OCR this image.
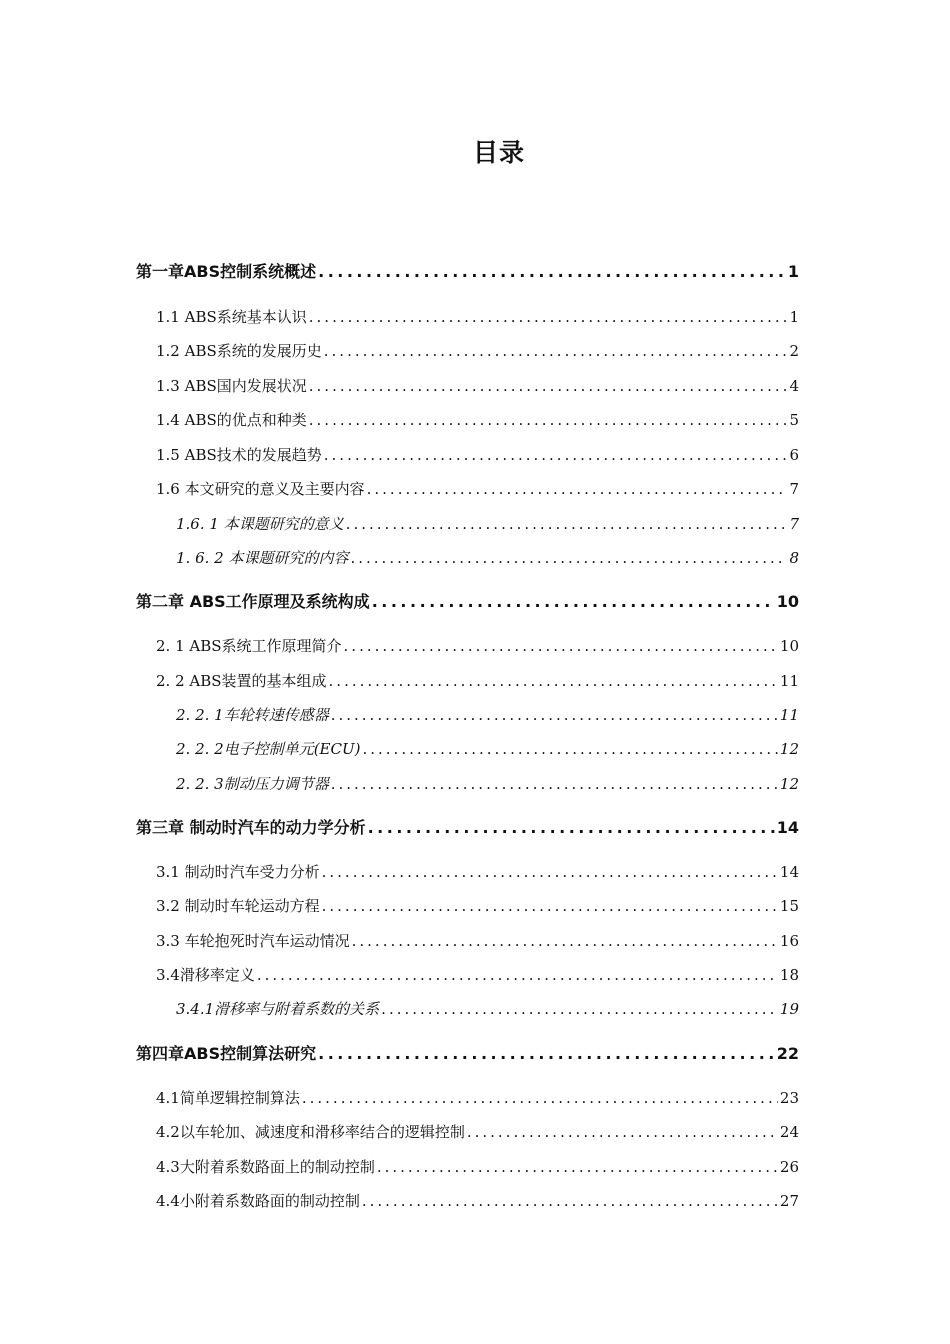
目录
第一章ABS控制系统概述 .....	1
1.1 ABS系统基本认识 .....	1
1.2 ABS系统的发展历史 .....	2
1.3 ABS国内发展状况 .....	4
1.4 ABS的优点和种类 .....	5
1.5 ABS技术的发展趋势 .....	6
1.6 本文研究的意义及主要内容 .....	7
1.6. 1 本课题研究的意义 .....	7
1. 6. 2 本课题研究的内容 .....	8
第二章 ABS工作原理及系统构成 .....	10
2. 1 ABS系统工作原理简介 .....	10
2. 2 ABS装置的基本组成 .....	11
2. 2. 1车轮转速传感器 .....	11
2. 2. 2电子控制单元(ECU) .....	12
2. 2. 3制动压力调节器 .....	12
第三章 制动时汽车的动力学分析 .....	14
3.1 制动时汽车受力分析 .....	14
3.2 制动时车轮运动方程 .....	15
3.3 车轮抱死时汽车运动情况 .....	16
3.4滑移率定义 .....	18
3.4.1滑移率与附着系数的关系 .....	19
第四章ABS控制算法研究 .....	22
4.1简单逻辑控制算法 .....	23
4.2以车轮加、减速度和滑移率结合的逻辑控制 .....	24
4.3大附着系数路面上的制动控制 .....	26
4.4小附着系数路面的制动控制 .....	27
